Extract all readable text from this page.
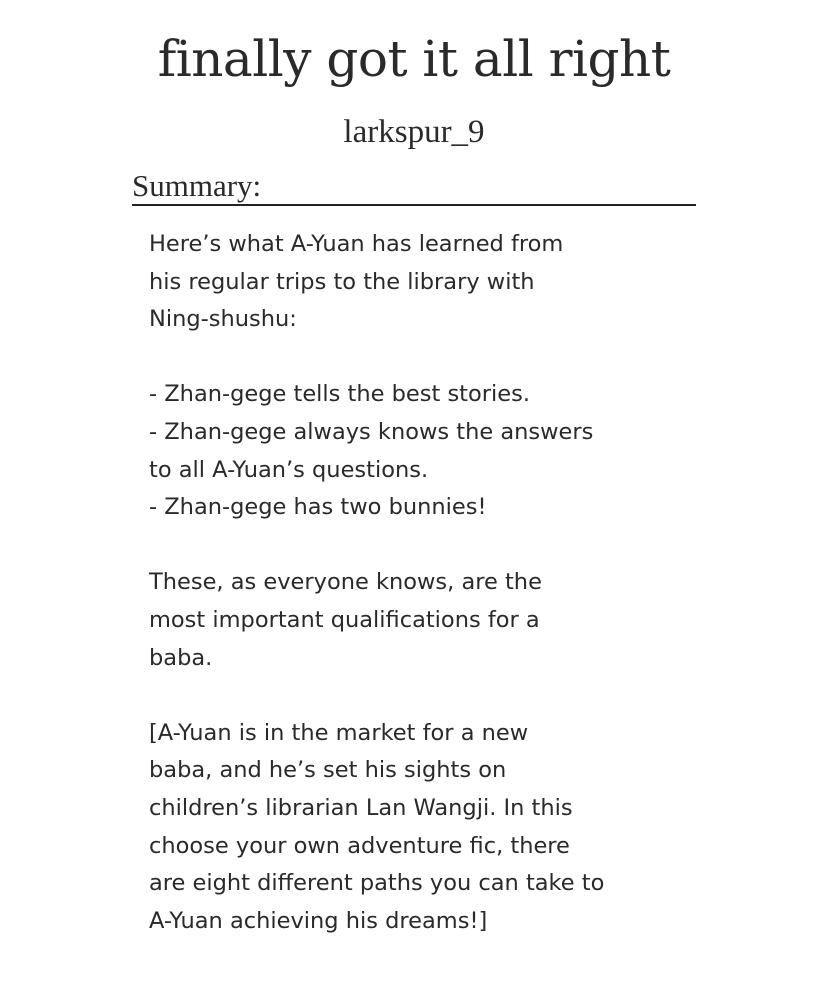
finally got it all right
larkspur_9
Summary:
Here’s what A-Yuan has learned from
his regular trips to the library with
Ning-shushu:
- Zhan-gege tells the best stories.
- Zhan-gege always knows the answers
to all A-Yuan’s questions.
- Zhan-gege has two bunnies!
These, as everyone knows, are the
most important qualifications for a
baba.
[A-Yuan is in the market for a new
baba, and he’s set his sights on
children’s librarian Lan Wangji. In this
choose your own adventure fic, there
are eight different paths you can take to
A-Yuan achieving his dreams!]
